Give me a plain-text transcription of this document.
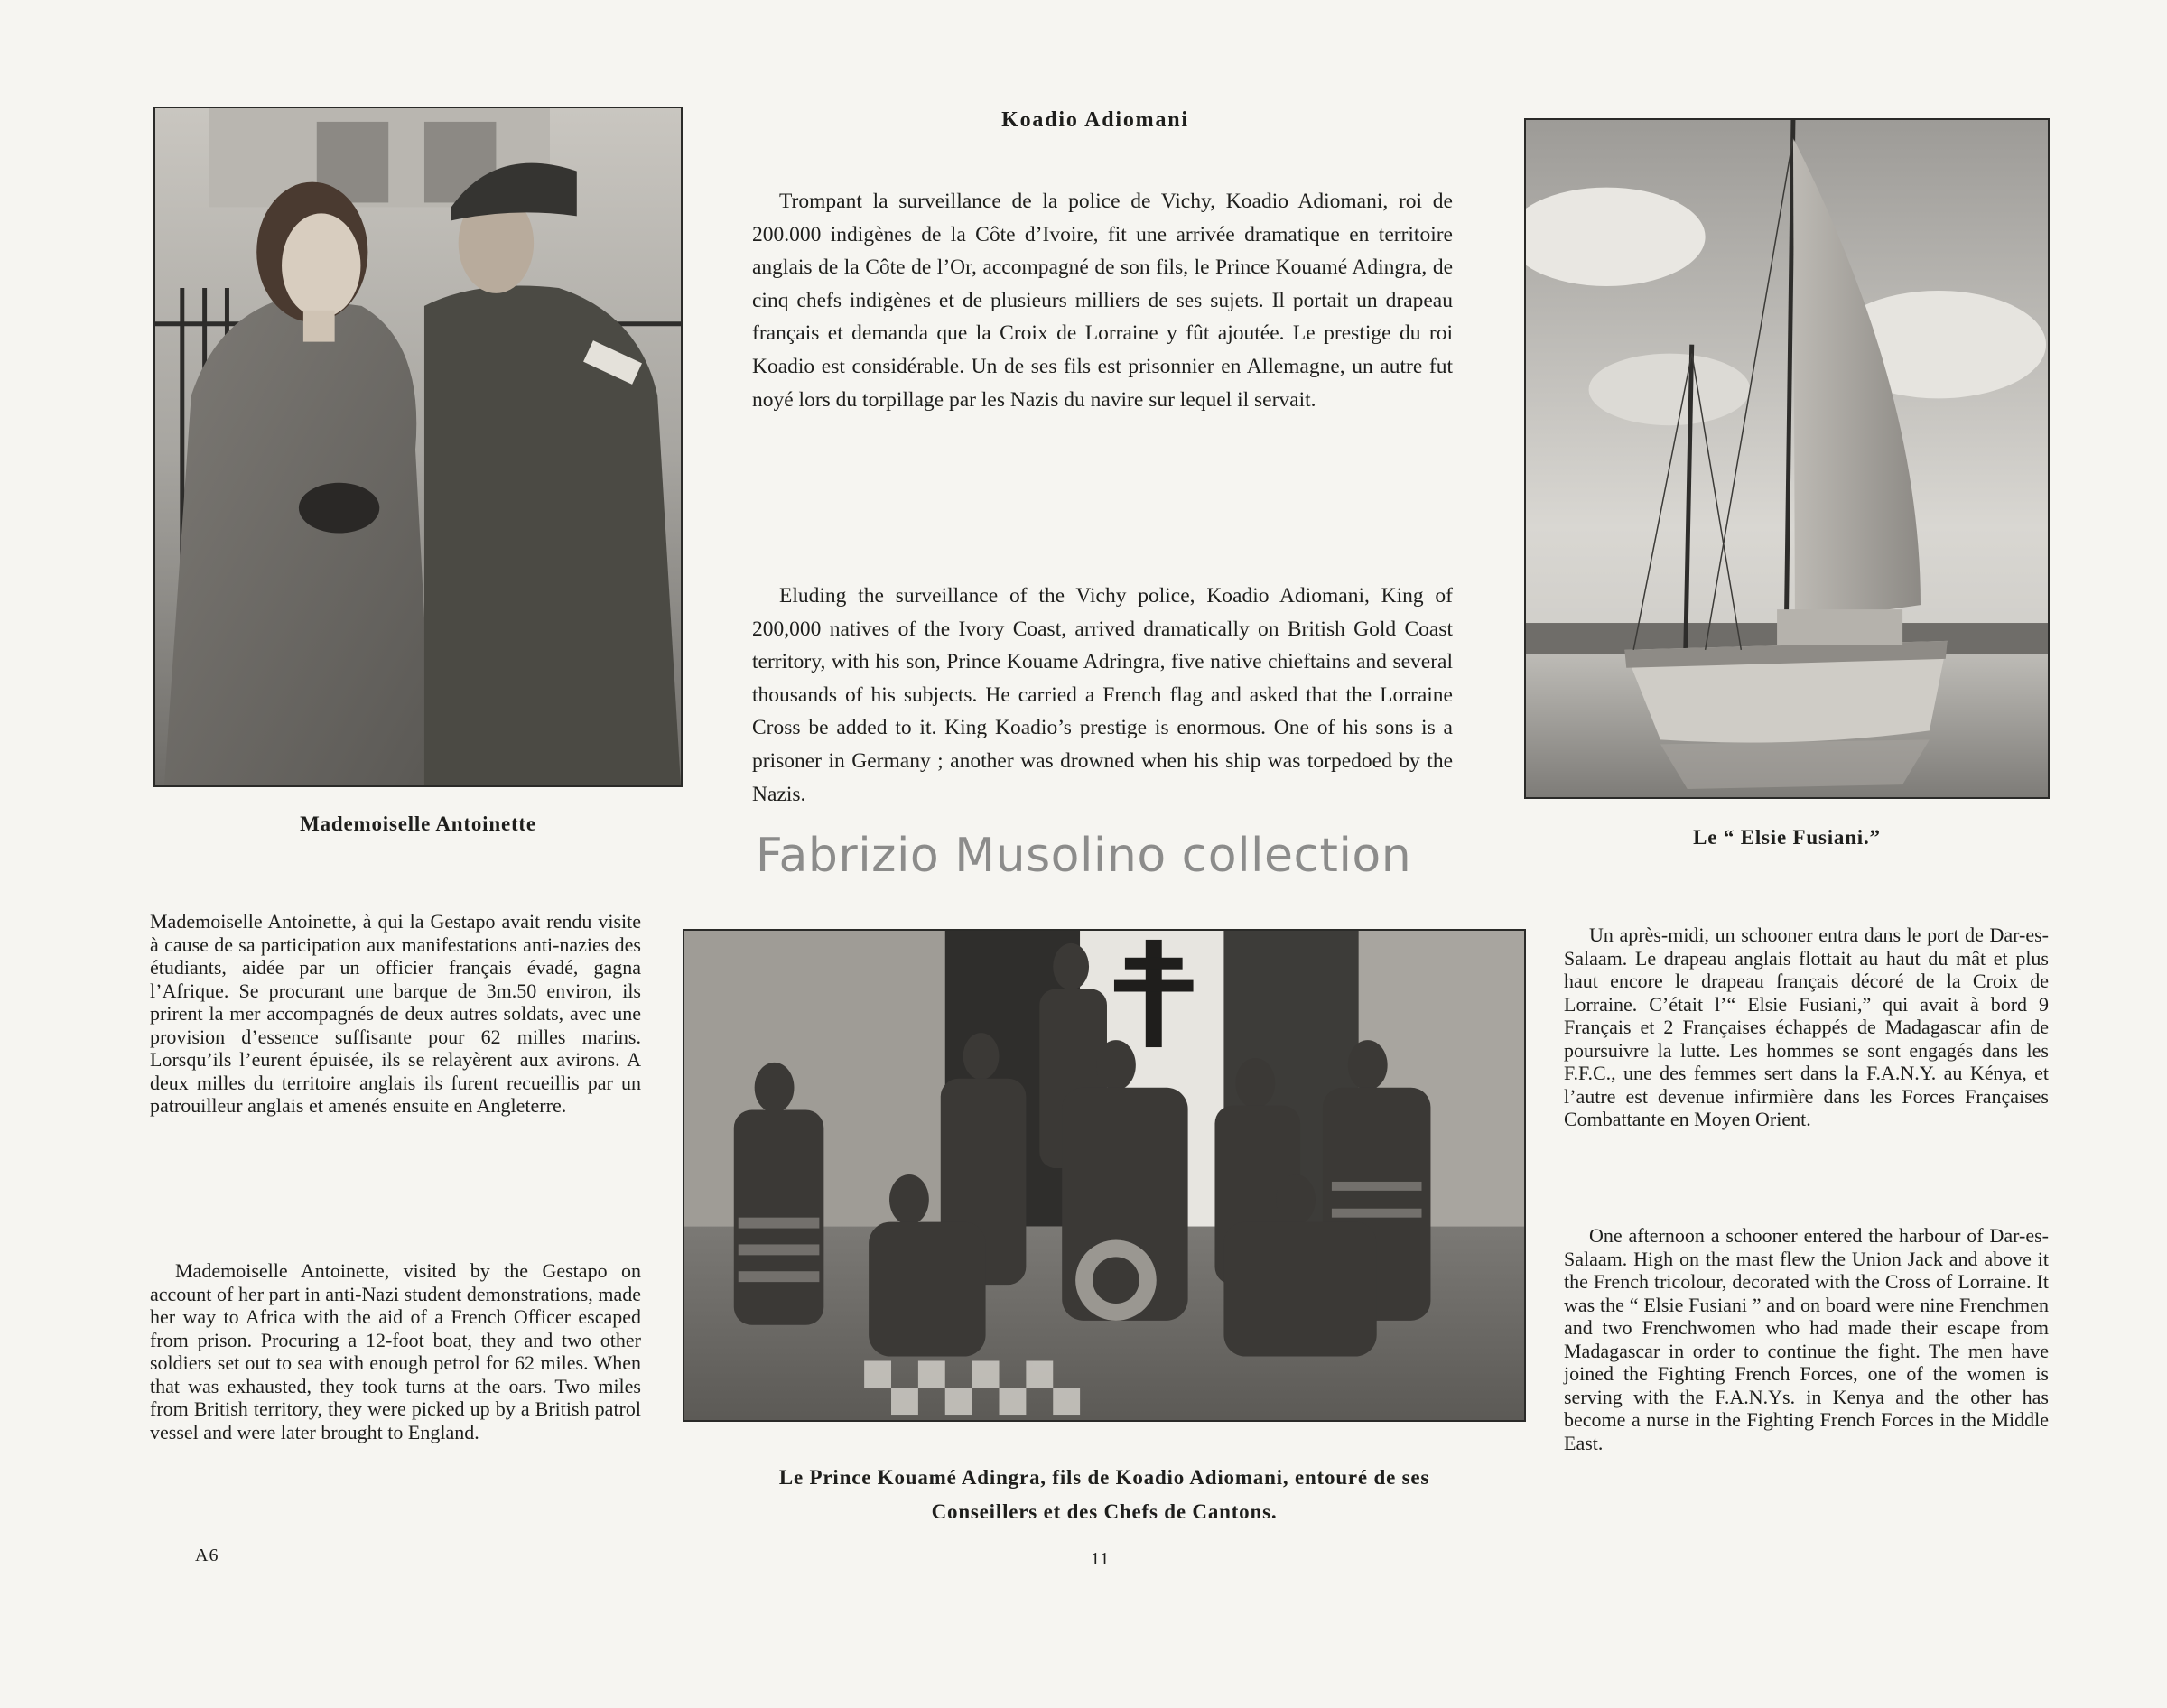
Mademoiselle Antoinette
Koadio Adiomani

Trompant la surveillance de la police de Vichy, Koadio Adiomani, roi de 200.000 indigènes de la Côte d’Ivoire, fit une arrivée dramatique en territoire anglais de la Côte de l’Or, accompagné de son fils, le Prince Kouamé Adingra, de cinq chefs indigènes et de plusieurs milliers de ses sujets. Il portait un drapeau français et demanda que la Croix de Lorraine y fût ajoutée. Le prestige du roi Koadio est considérable. Un de ses fils est prisonnier en Allemagne, un autre fut noyé lors du torpillage par les Nazis du navire sur lequel il servait.

Eluding the surveillance of the Vichy police, Koadio Adiomani, King of 200,000 natives of the Ivory Coast, arrived dramatically on British Gold Coast territory, with his son, Prince Kouame Adringra, five native chieftains and several thousands of his subjects. He carried a French flag and asked that the Lorraine Cross be added to it. King Koadio’s prestige is enormous. One of his sons is a prisoner in Germany ; another was drowned when his ship was torpedoed by the Nazis.

Le “ Elsie Fusiani.”
Fabrizio Musolino collection

Mademoiselle Antoinette, à qui la Gestapo avait rendu visite à cause de sa participation aux manifestations anti-nazies des étudiants, aidée par un officier français évadé, gagna l’Afrique. Se procurant une barque de 3m.50 environ, ils prirent la mer accompagnés de deux autres soldats, avec une provision d’essence suffisante pour 62 milles marins. Lorsqu’ils l’eurent épuisée, ils se relayèrent aux avirons. A deux milles du territoire anglais ils furent recueillis par un patrouilleur anglais et amenés ensuite en Angleterre.

Mademoiselle Antoinette, visited by the Gestapo on account of her part in anti-Nazi student demonstrations, made her way to Africa with the aid of a French Officer escaped from prison. Procuring a 12-foot boat, they and two other soldiers set out to sea with enough petrol for 62 miles. When that was exhausted, they took turns at the oars. Two miles from British territory, they were picked up by a British patrol vessel and were later brought to England.

Le Prince Kouamé Adingra, fils de Koadio Adiomani, entouré de ses
Conseillers et des Chefs de Cantons.

Un après-midi, un schooner entra dans le port de Dar-es-Salaam. Le drapeau anglais flottait au haut du mât et plus haut encore le drapeau français décoré de la Croix de Lorraine. C’était l’“ Elsie Fusiani,” qui avait à bord 9 Français et 2 Françaises échappés de Madagascar afin de poursuivre la lutte. Les hommes se sont engagés dans les F.F.C., une des femmes sert dans la F.A.N.Y. au Kénya, et l’autre est devenue infirmière dans les Forces Françaises Combattante en Moyen Orient.

One afternoon a schooner entered the harbour of Dar-es-Salaam. High on the mast flew the Union Jack and above it the French tricolour, decorated with the Cross of Lorraine. It was the “ Elsie Fusiani ” and on board were nine Frenchmen and two Frenchwomen who had made their escape from Madagascar in order to continue the fight. The men have joined the Fighting French Forces, one of the women is serving with the F.A.N.Ys. in Kenya and the other has become a nurse in the Fighting French Forces in the Middle East.

A6	11
